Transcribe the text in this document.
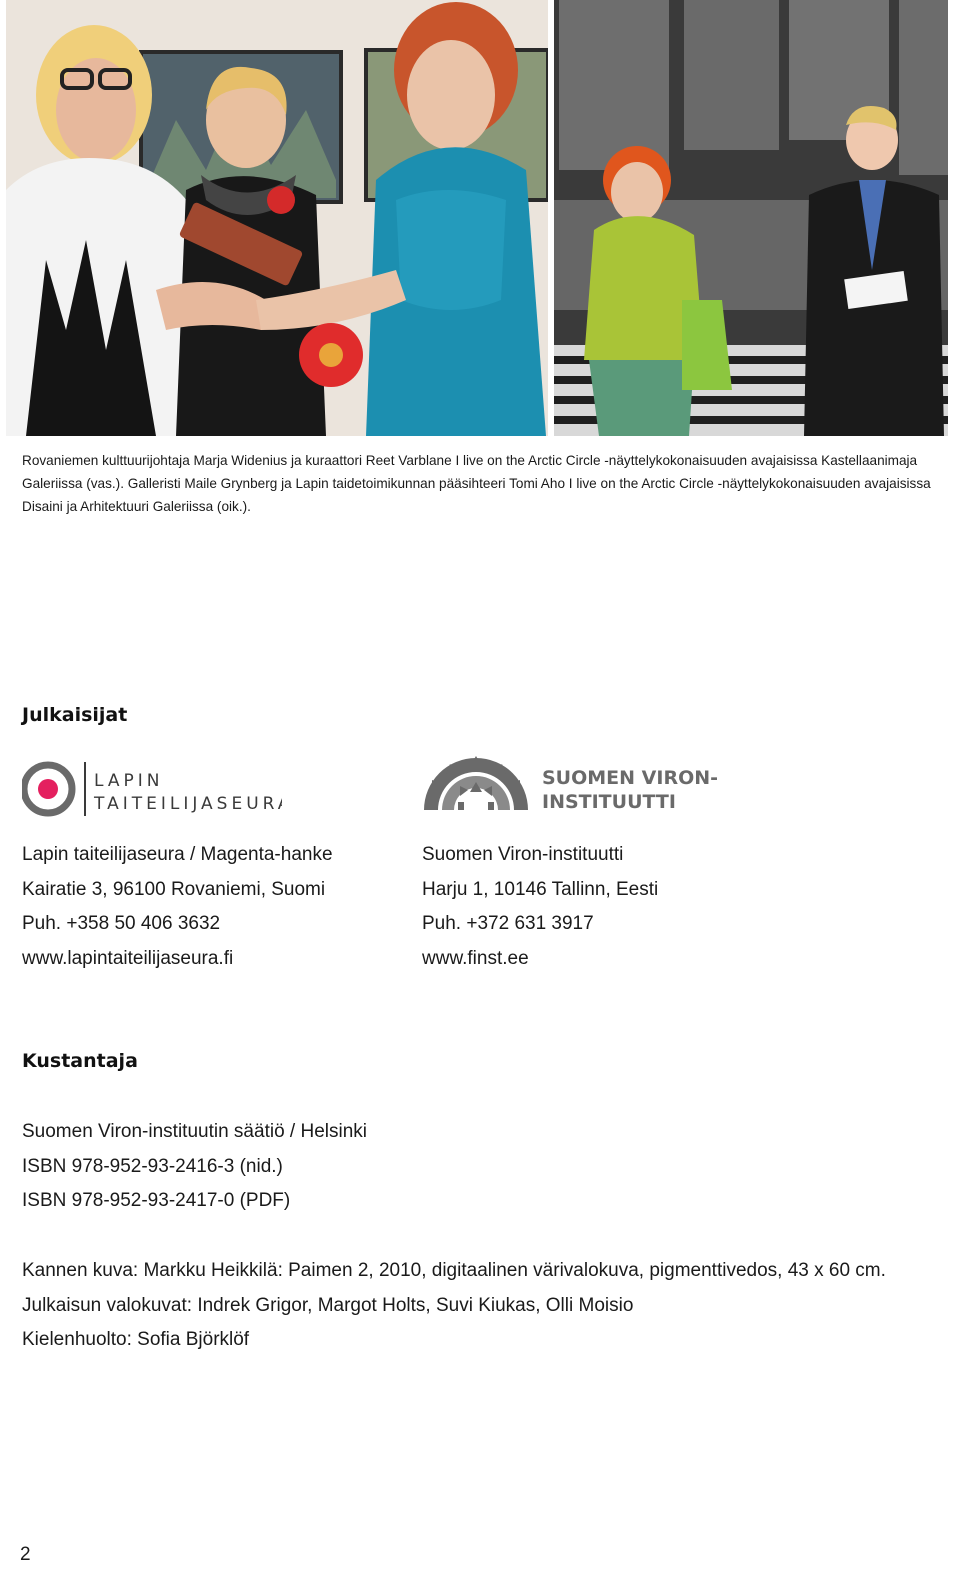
Rovaniemen kulttuurijohtaja Marja Widenius ja kuraattori Reet Varblane I live on the Arctic Circle -näyttelykokonaisuuden avajaisissa Kastellaanimaja Galeriissa (vas.). Galleristi Maile Grynberg ja Lapin taidetoimikunnan pääsihteeri Tomi Aho I live on the Arctic Circle -näyttelykokonaisuuden avajaisissa Disaini ja Arhitektuuri Galeriissa (oik.).
Julkaisijat
LAPIN
TAITEILIJASEURA
SUOMEN VIRON-
INSTITUUTTI
Lapin taiteilijaseura / Magenta-hanke
Kairatie 3, 96100 Rovaniemi, Suomi
Puh. +358 50 406 3632
www.lapintaiteilijaseura.fi
Suomen Viron-instituutti
Harju 1, 10146 Tallinn, Eesti
Puh. +372 631 3917
www.finst.ee
Kustantaja
Suomen Viron-instituutin säätiö / Helsinki
ISBN 978-952-93-2416-3 (nid.)
ISBN 978-952-93-2417-0 (PDF)
Kannen kuva: Markku Heikkilä: Paimen 2, 2010, digitaalinen värivalokuva, pigmenttivedos, 43 x 60 cm.
Julkaisun valokuvat: Indrek Grigor, Margot Holts, Suvi Kiukas, Olli Moisio
Kielenhuolto: Sofia Björklöf
2
